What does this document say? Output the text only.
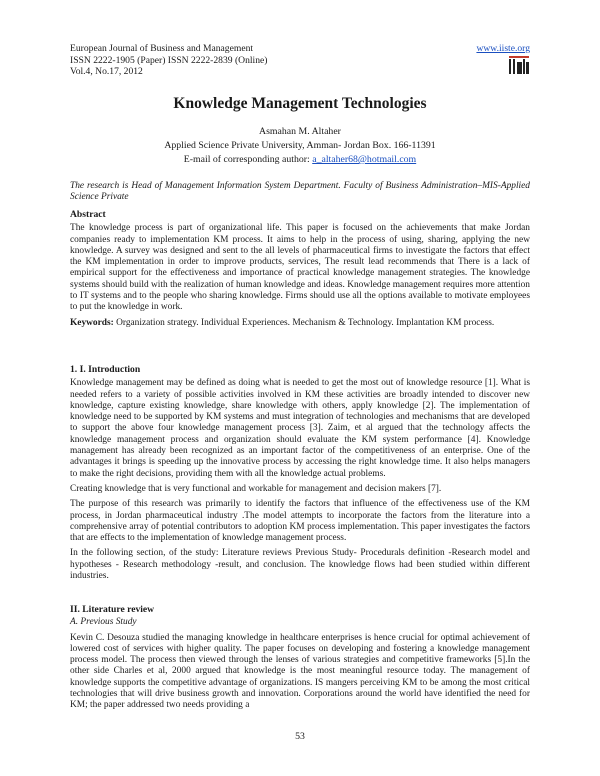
European Journal of Business and Management
ISSN 2222-1905 (Paper) ISSN 2222-2839 (Online)
Vol.4, No.17, 2012
www.iiste.org
Knowledge Management Technologies
Asmahan M. Altaher
Applied Science Private University, Amman- Jordan Box. 166-11391
E-mail of corresponding author: a_altaher68@hotmail.com
The research is Head of Management Information System Department. Faculty of Business Administration–MIS-Applied Science Private

Abstract

The knowledge process is part of organizational life. This paper is focused on the achievements that make Jordan companies ready to implementation KM process. It aims to help in the process of using, sharing, applying the new knowledge. A survey was designed and sent to the all levels of pharmaceutical firms to investigate the factors that effect the KM implementation in order to improve products, services, The result lead recommends that There is a lack of empirical support for the effectiveness and importance of practical knowledge management strategies. The knowledge systems should build with the realization of human knowledge and ideas. Knowledge management requires more attention to IT systems and to the people who sharing knowledge. Firms should use all the options available to motivate employees to put the knowledge in work.

Keywords: Organization strategy. Individual Experiences. Mechanism & Technology. Implantation KM process.

1. I. Introduction

Knowledge management may be defined as doing what is needed to get the most out of knowledge resource [1]. What is needed refers to a variety of possible activities involved in KM these activities are broadly intended to discover new knowledge, capture existing knowledge, share knowledge with others, apply knowledge [2]. The implementation of knowledge need to be supported by KM systems and must integration of technologies and mechanisms that are developed to support the above four knowledge management process [3]. Zaim, et al argued that the technology affects the knowledge management process and organization should evaluate the KM system performance [4]. Knowledge management has already been recognized as an important factor of the competitiveness of an enterprise. One of the advantages it brings is speeding up the innovative process by accessing the right knowledge time. It also helps managers to make the right decisions, providing them with all the knowledge actual problems.

Creating knowledge that is very functional and workable for management and decision makers [7].

The purpose of this research was primarily to identify the factors that influence of the effectiveness use of the KM process, in Jordan pharmaceutical industry .The model attempts to incorporate the factors from the literature into a comprehensive array of potential contributors to adoption KM process implementation. This paper investigates the factors that are effects to the implementation of knowledge management process.

In the following section, of the study: Literature reviews Previous Study- Procedurals definition -Research model and hypotheses - Research methodology -result, and conclusion. The knowledge flows had been studied within different industries.

II. Literature review

A. Previous Study

Kevin C. Desouza studied the managing knowledge in healthcare enterprises is hence crucial for optimal achievement of lowered cost of services with higher quality. The paper focuses on developing and fostering a knowledge management process model. The process then viewed through the lenses of various strategies and competitive frameworks [5].In the other side Charles et al, 2000 argued that knowledge is the most meaningful resource today. The management of knowledge supports the competitive advantage of organizations. IS mangers perceiving KM to be among the most critical technologies that will drive business growth and innovation. Corporations around the world have identified the need for KM; the paper addressed two needs providing a

53
